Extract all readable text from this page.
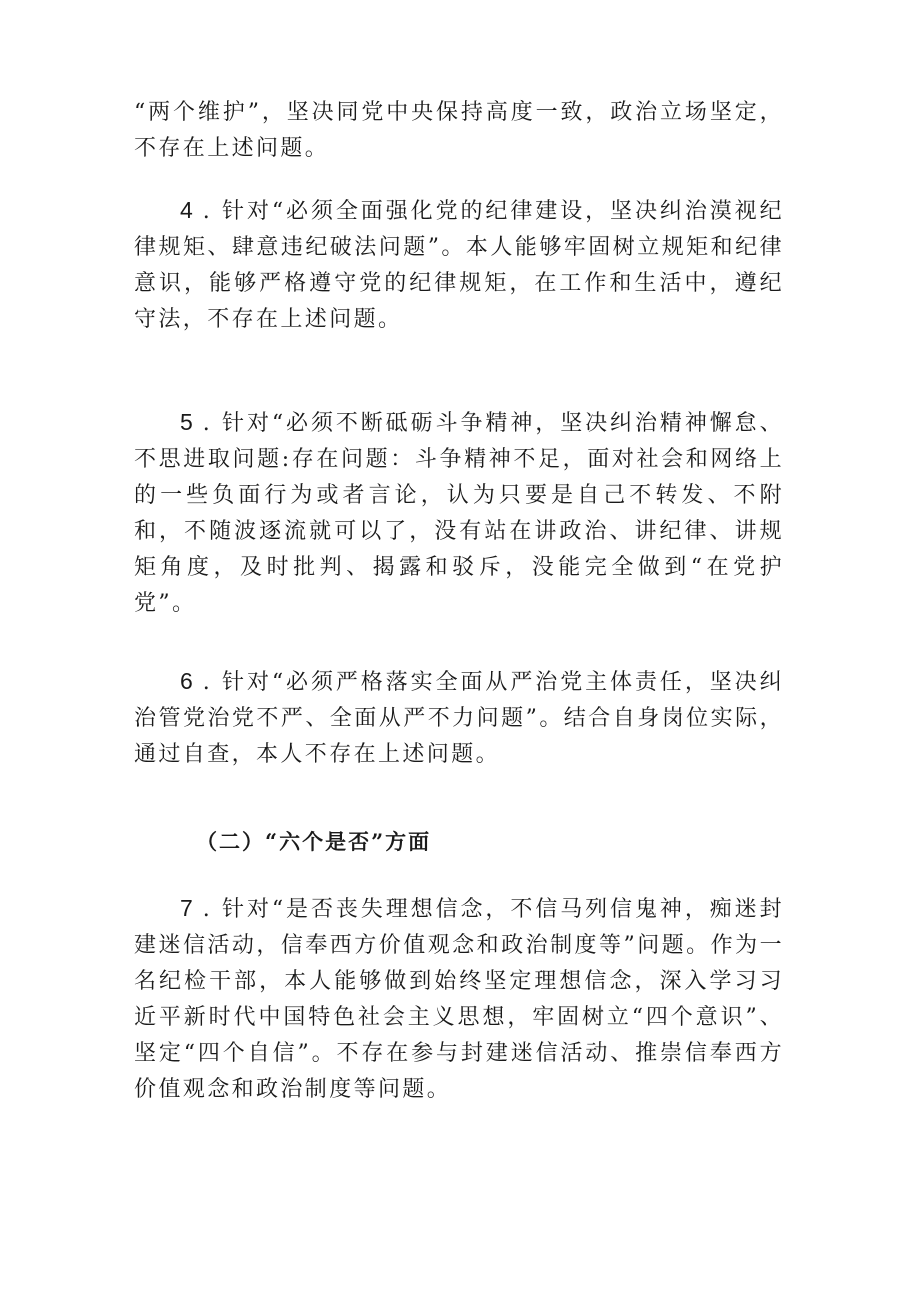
“两个维护”，坚决同党中央保持高度一致，政治立场坚定，不存在上述问题。

4 . 针对“必须全面强化党的纪律建设，坚决纠治漠视纪律规矩、肆意违纪破法问题”。本人能够牢固树立规矩和纪律意识，能够严格遵守党的纪律规矩，在工作和生活中，遵纪守法，不存在上述问题。

5 . 针对“必须不断砥砺斗争精神，坚决纠治精神懈怠、不思进取问题:存在问题：斗争精神不足，面对社会和网络上的一些负面行为或者言论，认为只要是自己不转发、不附和，不随波逐流就可以了，没有站在讲政治、讲纪律、讲规矩角度，及时批判、揭露和驳斥，没能完全做到“在党护党”。

6 . 针对“必须严格落实全面从严治党主体责任，坚决纠治管党治党不严、全面从严不力问题”。结合自身岗位实际，通过自查，本人不存在上述问题。

（二）“六个是否”方面

7 . 针对“是否丧失理想信念，不信马列信鬼神，痴迷封建迷信活动，信奉西方价值观念和政治制度等”问题。作为一名纪检干部，本人能够做到始终坚定理想信念，深入学习习近平新时代中国特色社会主义思想，牢固树立“四个意识”、坚定“四个自信”。不存在参与封建迷信活动、推崇信奉西方价值观念和政治制度等问题。
